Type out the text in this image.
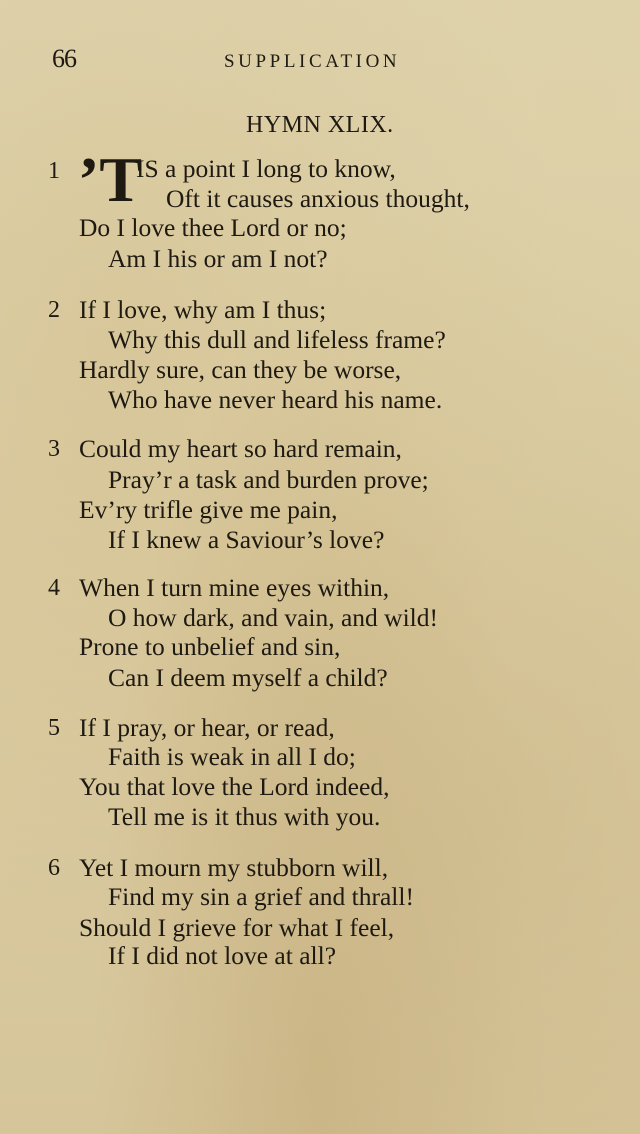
66	SUPPLICATION
HYMN XLIX.
1 ’T
IS a point I long to know,
Oft it causes anxious thought,
Do I love thee Lord or no;
Am I his or am I not?
2 If I love, why am I thus;
Why this dull and lifeless frame?
Hardly sure, can they be worse,
Who have never heard his name.
3 Could my heart so hard remain,
Pray’r a task and burden prove;
Ev’ry trifle give me pain,
If I knew a Saviour’s love?
4 When I turn mine eyes within,
O how dark, and vain, and wild!
Prone to unbelief and sin,
Can I deem myself a child?
5 If I pray, or hear, or read,
Faith is weak in all I do;
You that love the Lord indeed,
Tell me is it thus with you.
6 Yet I mourn my stubborn will,
Find my sin a grief and thrall!
Should I grieve for what I feel,
If I did not love at all?
